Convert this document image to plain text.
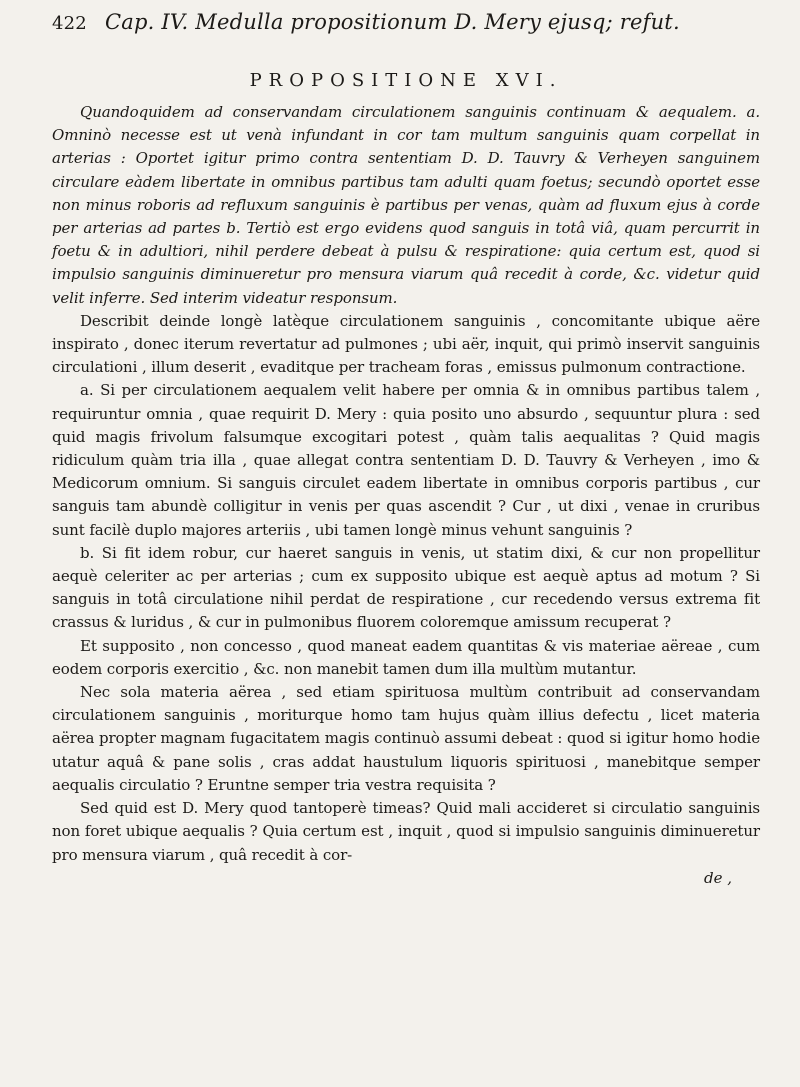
422 Cap. IV. Medulla propositionum D. Mery ejusq; refut.
PROPOSITIONE XVI.

Quandoquidem ad conservandam circulationem sanguinis continuam & aequalem. a. Omninò necesse est ut venà infundant in cor tam multum sanguinis quam corpellat in arterias : Oportet igitur primo contra sententiam D. D. Tauvry & Verheyen sanguinem circulare eàdem libertate in omnibus partibus tam adulti quam foetus; secundò oportet esse non minus roboris ad refluxum sanguinis è partibus per venas, quàm ad fluxum ejus à corde per arterias ad partes b. Tertiò est ergo evidens quod sanguis in totâ viâ, quam percurrit in foetu & in adultiori, nihil perdere debeat à pulsu & respiratione: quia certum est, quod si impulsio sanguinis diminueretur pro mensura viarum quâ recedit à corde, &c. videtur quid velit inferre. Sed interim videatur responsum.

Describit deinde longè latèque circulationem sanguinis , concomitante ubique aëre inspirato , donec iterum revertatur ad pulmones ; ubi aër, inquit, qui primò inservit sanguinis circulationi , illum deserit , evaditque per tracheam foras , emissus pulmonum contractione.

a. Si per circulationem aequalem velit habere per omnia & in omnibus partibus talem , requiruntur omnia , quae requirit D. Mery : quia posito uno absurdo , sequuntur plura : sed quid magis frivolum falsumque excogitari potest , quàm talis aequalitas ? Quid magis ridiculum quàm tria illa , quae allegat contra sententiam D. D. Tauvry & Verheyen , imo & Medicorum omnium. Si sanguis circulet eadem libertate in omnibus corporis partibus , cur sanguis tam abundè colligitur in venis per quas ascendit ? Cur , ut dixi , venae in cruribus sunt facilè duplo majores arteriis , ubi tamen longè minus vehunt sanguinis ?

b. Si fit idem robur, cur haeret sanguis in venis, ut statim dixi, & cur non propellitur aequè celeriter ac per arterias ; cum ex supposito ubique est aequè aptus ad motum ? Si sanguis in totâ circulatione nihil perdat de respiratione , cur recedendo versus extrema fit crassus & luridus , & cur in pulmonibus fluorem coloremque amissum recuperat ?

Et supposito , non concesso , quod maneat eadem quantitas & vis materiae aëreae , cum eodem corporis exercitio , &c. non manebit tamen dum illa multùm mutantur.

Nec sola materia aërea , sed etiam spirituosa multùm contribuit ad conservandam circulationem sanguinis , moriturque homo tam hujus quàm illius defectu , licet materia aërea propter magnam fugacitatem magis continuò assumi debeat : quod si igitur homo hodie utatur aquâ & pane solis , cras addat haustulum liquoris spirituosi , manebitque semper aequalis circulatio ? Eruntne semper tria vestra requisita ?

Sed quid est D. Mery quod tantoperè timeas? Quid mali accideret si circulatio sanguinis non foret ubique aequalis ? Quia certum est , inquit , quod si impulsio sanguinis diminueretur pro mensura viarum , quâ recedit à cor-

de ,
